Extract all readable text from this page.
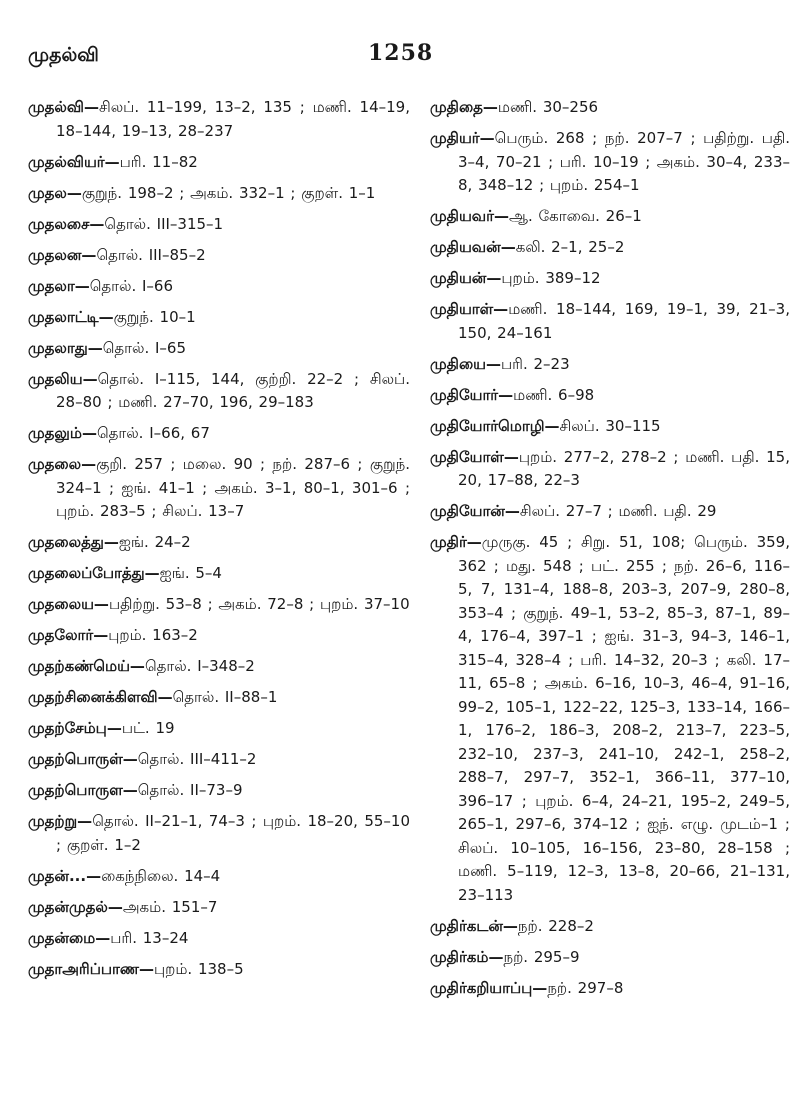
முதல்வி	1258
முதல்வி—சிலப். 11–199, 13–2, 135 ; மணி. 14–19, 18–144, 19–13, 28–237
முதல்வியர்—பரி. 11–82
முதல—குறுந். 198–2 ; அகம். 332–1 ; குறள். 1–1
முதலசை—தொல். III–315–1
முதலன—தொல். III–85–2
முதலா—தொல். I–66
முதலாட்டி—குறுந். 10–1
முதலாது—தொல். I–65
முதலிய—தொல். I–115, 144, குற்றி. 22–2 ; சிலப். 28–80 ; மணி. 27–70, 196, 29–183
முதலும்—தொல். I–66, 67
முதலை—குறி. 257 ; மலை. 90 ; நற். 287–6 ; குறுந். 324–1 ; ஐங். 41–1 ; அகம். 3–1, 80–1, 301–6 ; புறம். 283–5 ; சிலப். 13–7
முதலைத்து—ஐங். 24–2
முதலைப்போத்து—ஐங். 5–4
முதலைய—பதிற்று. 53–8 ; அகம். 72–8 ; புறம். 37–10
முதலோர்—புறம். 163–2
முதற்கண்மெய்—தொல். I–348–2
முதற்சினைக்கிளவி—தொல். II–88–1
முதற்சேம்பு—பட். 19
முதற்பொருள்—தொல். III–411–2
முதற்பொருள—தொல். II–73–9
முதற்று—தொல். II–21–1, 74–3 ; புறம். 18–20, 55–10 ; குறள். 1–2
முதன்...—கைந்நிலை. 14–4
முதன்முதல்—அகம். 151–7
முதன்மை—பரி. 13–24
முதாஅரிப்பாண—புறம். 138–5
முதிதை—மணி. 30–256
முதியர்—பெரும். 268 ; நற். 207–7 ; பதிற்று. பதி. 3–4, 70–21 ; பரி. 10–19 ; அகம். 30–4, 233–8, 348–12 ; புறம். 254–1
முதியவர்—ஆ. கோவை. 26–1
முதியவன்—கலி. 2–1, 25–2
முதியன்—புறம். 389–12
முதியாள்—மணி. 18–144, 169, 19–1, 39, 21–3, 150, 24–161
முதியை—பரி. 2–23
முதியோர்—மணி. 6–98
முதியோர்மொழி—சிலப். 30–115
முதியோள்—புறம். 277–2, 278–2 ; மணி. பதி. 15, 20, 17–88, 22–3
முதியோன்—சிலப். 27–7 ; மணி. பதி. 29
முதிர்—முருகு. 45 ; சிறு. 51, 108; பெரும். 359, 362 ; மது. 548 ; பட். 255 ; நற். 26–6, 116–5, 7, 131–4, 188–8, 203–3, 207–9, 280–8, 353–4 ; குறுந். 49–1, 53–2, 85–3, 87–1, 89–4, 176–4, 397–1 ; ஐங். 31–3, 94–3, 146–1, 315–4, 328–4 ; பரி. 14–32, 20–3 ; கலி. 17–11, 65–8 ; அகம். 6–16, 10–3, 46–4, 91–16, 99–2, 105–1, 122–22, 125–3, 133–14, 166–1, 176–2, 186–3, 208–2, 213–7, 223–5, 232–10, 237–3, 241–10, 242–1, 258–2, 288–7, 297–7, 352–1, 366–11, 377–10, 396–17 ; புறம். 6–4, 24–21, 195–2, 249–5, 265–1, 297–6, 374–12 ; ஐந். எழு. முடம்–1 ; சிலப். 10–105, 16–156, 23–80, 28–158 ; மணி. 5–119, 12–3, 13–8, 20–66, 21–131, 23–113
முதிர்கடன்—நற். 228–2
முதிர்கம்—நற். 295–9
முதிர்கறியாப்பு—நற். 297–8
